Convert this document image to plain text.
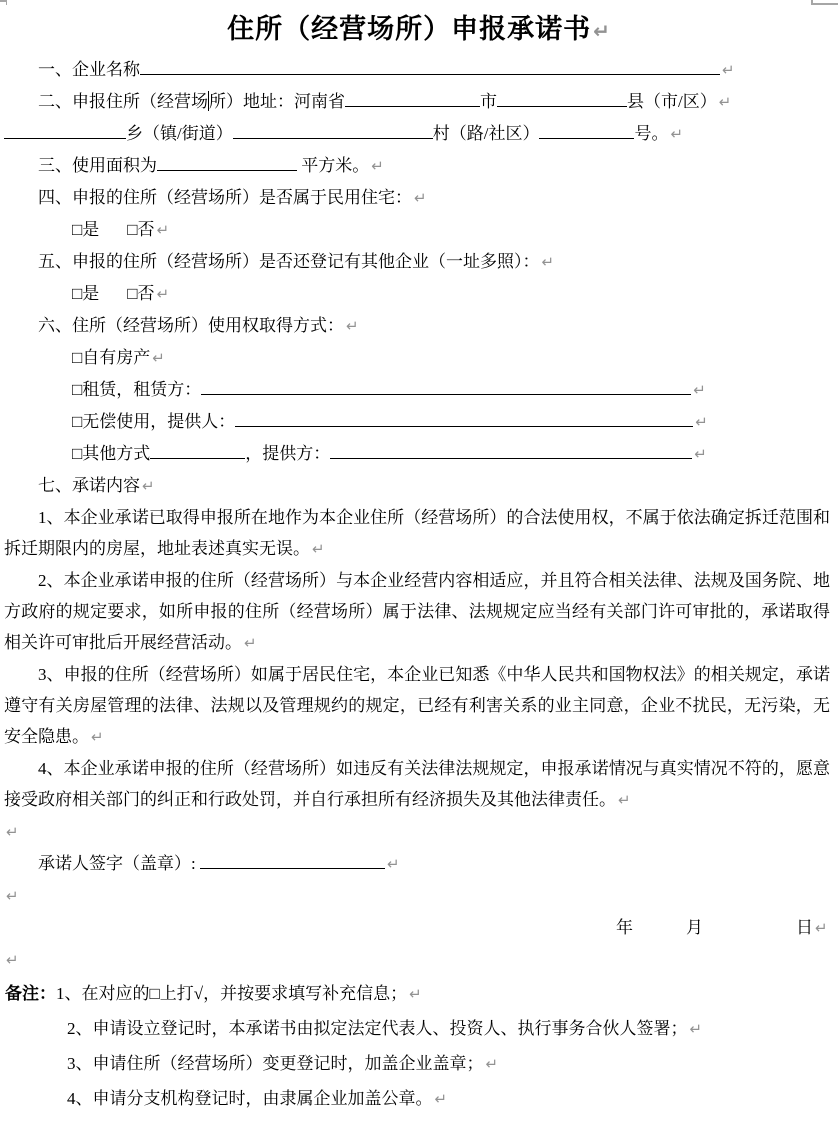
住所（经营场所）申报承诺书 ↵
一、企业名称	↵
二、申报住所（经营场所）地址：河南省	市	县（市/区） ↵
乡（镇/街道）	村（路/社区）	号。 ↵
三、使用面积为	平方米。 ↵
四、申报的住所（经营场所）是否属于民用住宅： ↵
□是 □否 ↵
五、申报的住所（经营场所）是否还登记有其他企业（一址多照）： ↵
□是 □否 ↵
六、住所（经营场所）使用权取得方式： ↵
□自有房产 ↵
□租赁，租赁方：	↵
□无偿使用，提供人：	↵
□其他方式	，提供方：	↵
七、承诺内容 ↵

1、本企业承诺已取得申报所在地作为本企业住所（经营场所）的合法使用权，不属于依法确定拆迁范围和拆迁期限内的房屋，地址表述真实无误。 ↵

2、本企业承诺申报的住所（经营场所）与本企业经营内容相适应，并且符合相关法律、法规及国务院、地方政府的规定要求，如所申报的住所（经营场所）属于法律、法规规定应当经有关部门许可审批的，承诺取得相关许可审批后开展经营活动。 ↵

3、申报的住所（经营场所）如属于居民住宅，本企业已知悉《中华人民共和国物权法》的相关规定，承诺遵守有关房屋管理的法律、法规以及管理规约的规定，已经有利害关系的业主同意，企业不扰民，无污染，无安全隐患。 ↵

4、本企业承诺申报的住所（经营场所）如违反有关法律法规规定，申报承诺情况与真实情况不符的，愿意接受政府相关部门的纠正和行政处罚，并自行承担所有经济损失及其他法律责任。 ↵

↵
承诺人签字（盖章）:	↵
↵
年	月	日 ↵
↵
备注：1、在对应的□上打√，并按要求填写补充信息； ↵
2、申请设立登记时，本承诺书由拟定法定代表人、投资人、执行事务合伙人签署； ↵
3、申请住所（经营场所）变更登记时，加盖企业盖章； ↵
4、申请分支机构登记时，由隶属企业加盖公章。 ↵
